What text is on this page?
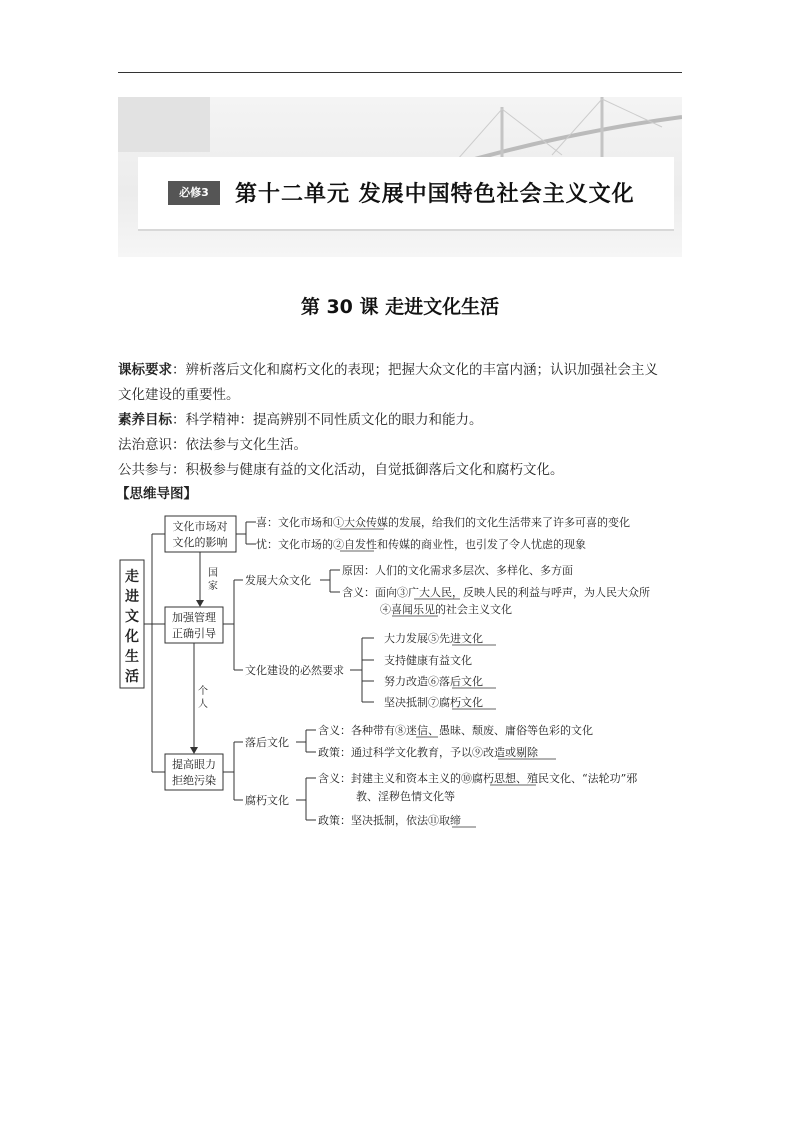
必修3	第十二单元 发展中国特色社会主义文化
第 30 课 走进文化生活
课标要求：辨析落后文化和腐朽文化的表现；把握大众文化的丰富内涵；认识加强社会主义
文化建设的重要性。
素养目标：科学精神：提高辨别不同性质文化的眼力和能力。
法治意识：依法参与文化生活。
公共参与：积极参与健康有益的文化活动，自觉抵御落后文化和腐朽文化。
【思维导图】
走
进
文
化
生
活
文化市场对
文化的影响
喜：文化市场和①大众传媒的发展，给我们的文化生活带来了许多可喜的变化
忧：文化市场的②自发性和传媒的商业性，也引发了令人忧虑的现象
国
家
加强管理
正确引导
发展大众文化
原因：人们的文化需求多层次、多样化、多方面
含义：面向③广大人民，反映人民的利益与呼声，为人民大众所
④喜闻乐见的社会主义文化
文化建设的必然要求
大力发展⑤先进文化
支持健康有益文化
努力改造⑥落后文化
坚决抵制⑦腐朽文化
个
人
提高眼力
拒绝污染
落后文化
含义：各种带有⑧迷信、愚昧、颓废、庸俗等色彩的文化
政策：通过科学文化教育，予以⑨改造或剔除
腐朽文化
含义：封建主义和资本主义的⑩腐朽思想、殖民文化、“法轮功”邪
教、淫秽色情文化等
政策：坚决抵制，依法⑪取缔
